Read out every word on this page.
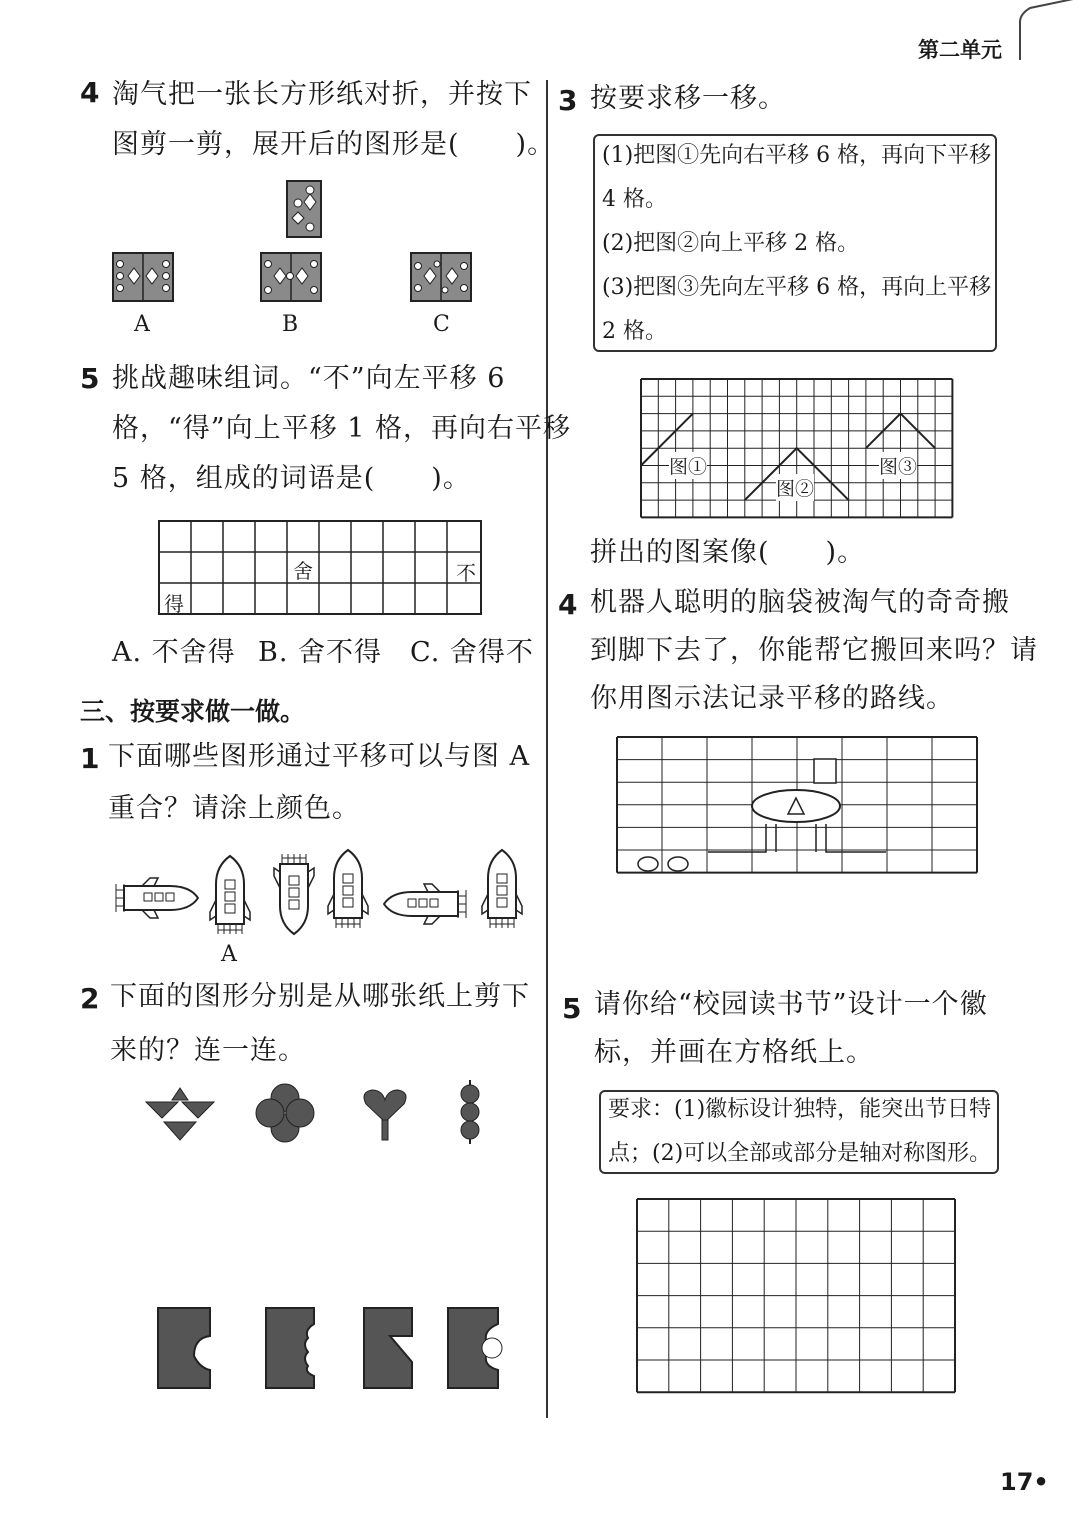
第二单元
17•
4 淘气把一张长方形纸对折，并按下
图剪一剪，展开后的图形是(　　)。
A	B	C
5 挑战趣味组词。“不”向左平移 6
格，“得”向上平移 1 格，再向右平移
5 格，组成的词语是(　　)。
舍	不
得
A. 不舍得 B. 舍不得 C. 舍得不
三、按要求做一做。
1 下面哪些图形通过平移可以与图 A
重合？请涂上颜色。
A
2 下面的图形分别是从哪张纸上剪下
来的？连一连。
3 按要求移一移。
(1)把图①先向右平移 6 格，再向下平移
4 格。
(2)把图②向上平移 2 格。
(3)把图③先向左平移 6 格，再向上平移
2 格。
图①
图②
图③
拼出的图案像(　　)。
4 机器人聪明的脑袋被淘气的奇奇搬
到脚下去了，你能帮它搬回来吗？请
你用图示法记录平移的路线。
5 请你给“校园读书节”设计一个徽
标，并画在方格纸上。
要求：(1)徽标设计独特，能突出节日特
点；(2)可以全部或部分是轴对称图形。
